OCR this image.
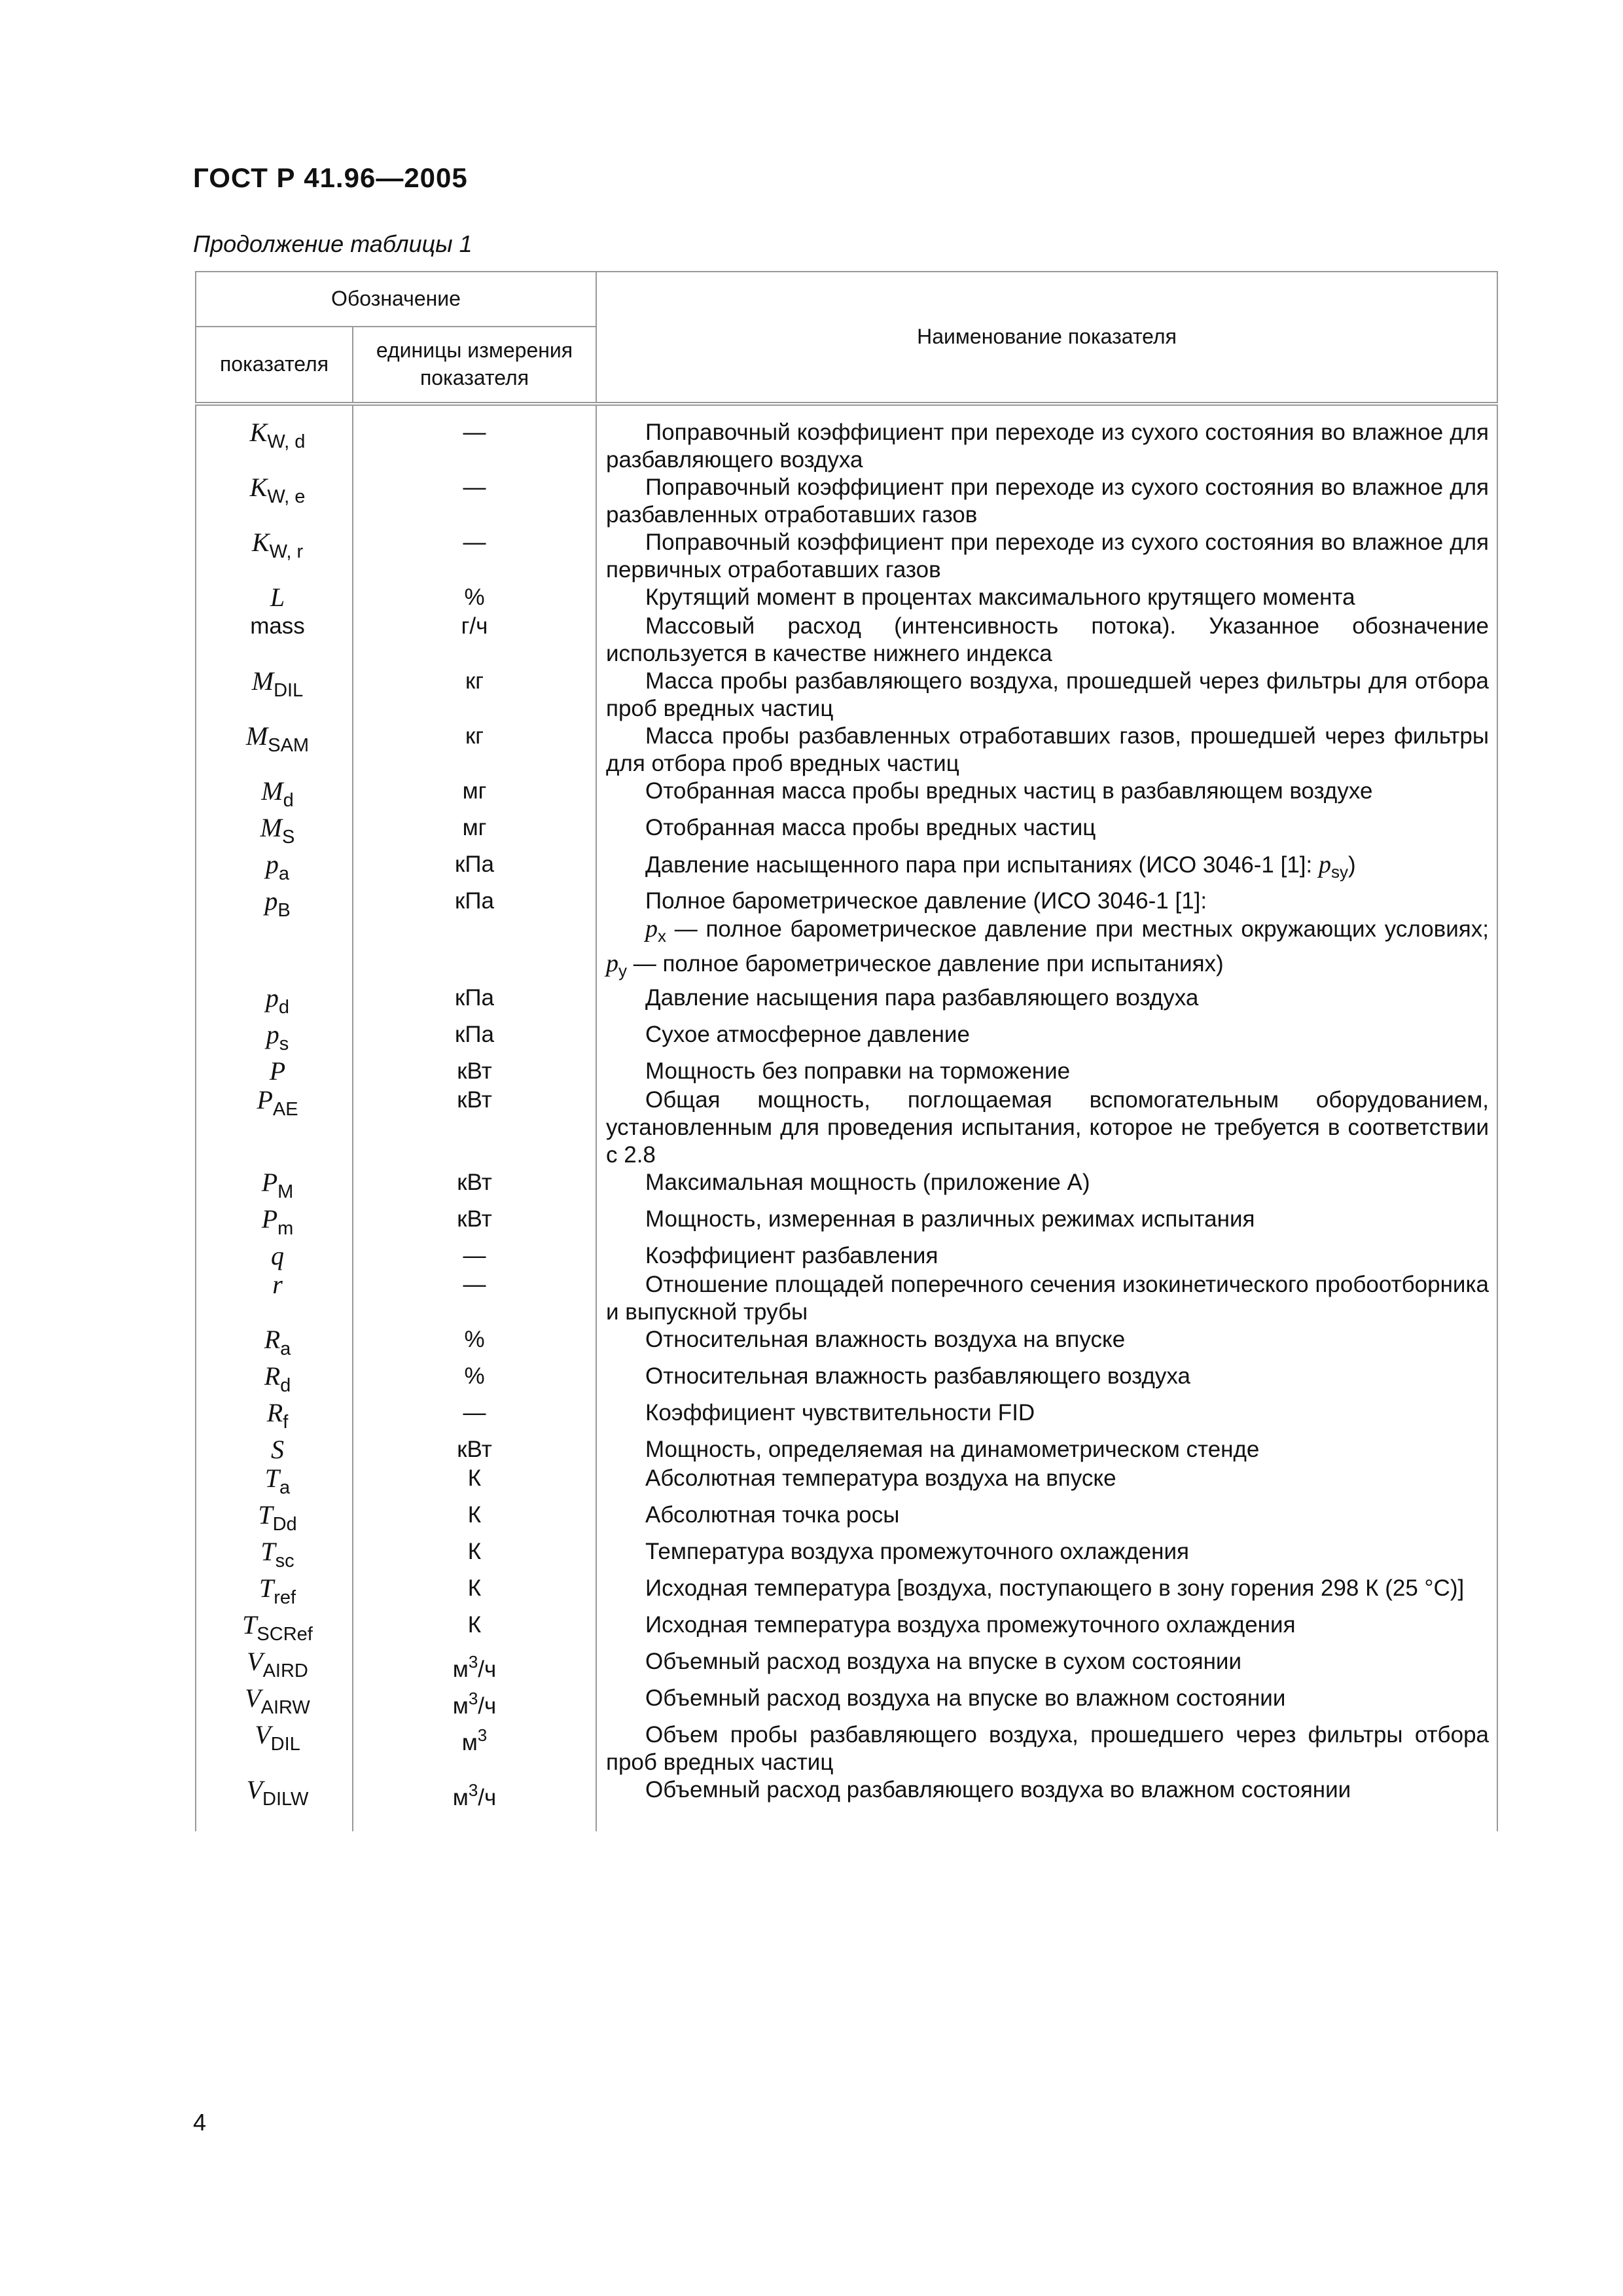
ГОСТ Р 41.96—2005
Продолжение таблицы 1
Обозначение		Наименование показателя
показателя	единицы измерения показателя	
$K_{W, d}$	—	Поправочный коэффициент при переходе из сухого состояния во влажное для разбавляющего воздуха
$K_{W, e}$	—	Поправочный коэффициент при переходе из сухого состояния во влажное для разбавленных отработавших газов
$K_{W, r}$	—	Поправочный коэффициент при переходе из сухого состояния во влажное для первичных отработавших газов
L	%	Крутящий момент в процентах максимального крутящего момента
mass	г/ч	Массовый расход (интенсивность потока). Указанное обозначение используется в качестве нижнего индекса
$M_{DIL}$	кг	Масса пробы разбавляющего воздуха, прошедшей через фильтры для отбора проб вредных частиц
$M_{SAM}$	кг	Масса пробы разбавленных отработавших газов, прошедшей через фильтры для отбора проб вредных частиц
$M_d$	мг	Отобранная масса пробы вредных частиц в разбавляющем воздухе
$M_S$	мг	Отобранная масса пробы вредных частиц
$p_a$	кПа	Давление насыщенного пара при испытаниях (ИСО 3046-1 [1]: $p_{sy}$)
$p_B$	кПа	Полное барометрическое давление (ИСО 3046-1 [1]:
$p_x$ — полное барометрическое давление при местных окружающих условиях; $p_y$ — полное барометрическое давление при испытаниях)
$p_d$	кПа	Давление насыщения пара разбавляющего воздуха
$p_s$	кПа	Сухое атмосферное давление
P	кВт	Мощность без поправки на торможение
$P_{AE}$	кВт	Общая мощность, поглощаемая вспомогательным оборудованием, установленным для проведения испытания, которое не требуется в соответствии с 2.8
$P_M$	кВт	Максимальная мощность (приложение А)
$P_m$	кВт	Мощность, измеренная в различных режимах испытания
q	—	Коэффициент разбавления
r	—	Отношение площадей поперечного сечения изокинетического пробоотборника и выпускной трубы
$R_a$	%	Относительная влажность воздуха на впуске
$R_d$	%	Относительная влажность разбавляющего воздуха
$R_f$	—	Коэффициент чувствительности FID
S	кВт	Мощность, определяемая на динамометрическом стенде
$T_a$	К	Абсолютная температура воздуха на впуске
$T_{Dd}$	К	Абсолютная точка росы
$T_{sc}$	К	Температура воздуха промежуточного охлаждения
$T_{ref}$	К	Исходная температура [воздуха, поступающего в зону горения 298 К (25 °С)]
$T_{SCRef}$	К	Исходная температура воздуха промежуточного охлаждения
$V_{AIRD}$	$м^3/ч$	Объемный расход воздуха на впуске в сухом состоянии
$V_{AIRW}$	$м^3/ч$	Объемный расход воздуха на впуске во влажном состоянии
$V_{DIL}$	$м^3$	Объем пробы разбавляющего воздуха, прошедшего через фильтры отбора проб вредных частиц
$V_{DILW}$	$м^3/ч$	Объемный расход разбавляющего воздуха во влажном состоянии
4
